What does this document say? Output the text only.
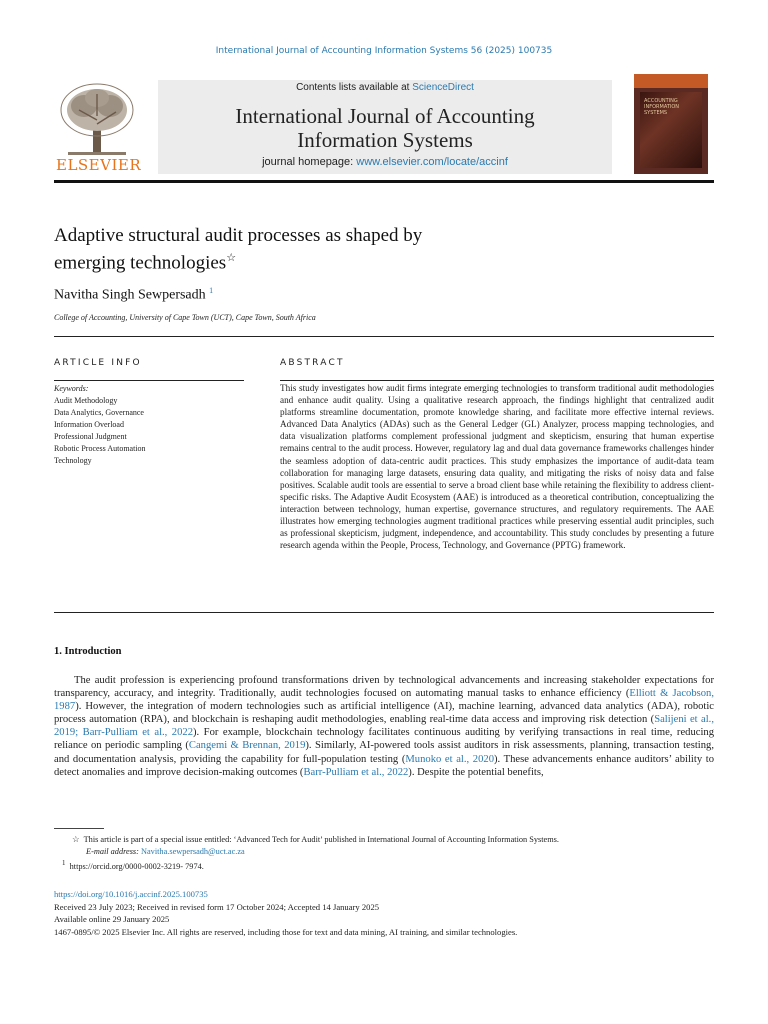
International Journal of Accounting Information Systems 56 (2025) 100735
ELSEVIER
Contents lists available at ScienceDirect
International Journal of Accounting
Information Systems
journal homepage: www.elsevier.com/locate/accinf
ACCOUNTING INFORMATION SYSTEMS
Adaptive structural audit processes as shaped by
emerging technologies☆
Navitha Singh Sewpersadh $^1$
College of Accounting, University of Cape Town (UCT), Cape Town, South Africa
ARTICLE INFO
Keywords:
Audit Methodology
Data Analytics, Governance
Information Overload
Professional Judgment
Robotic Process Automation
Technology
ABSTRACT

This study investigates how audit firms integrate emerging technologies to transform traditional audit methodologies and enhance audit quality. Using a qualitative research approach, the findings highlight that centralized audit platforms streamline documentation, promote knowledge sharing, and facilitate more effective internal reviews. Advanced Data Analytics (ADAs) such as the General Ledger (GL) Analyzer, process mapping technologies, and data visualization platforms complement professional judgment and skepticism, ensuring that human expertise remains central to the audit process. However, regulatory lag and dual data governance frameworks challenges hinder the seamless adoption of data-centric audit practices. This study emphasizes the importance of audit-data team collaboration for managing large datasets, ensuring data quality, and mitigating the risks of noisy data and false positives. Scalable audit tools are essential to serve a broad client base while retaining the flexibility to address client-specific risks. The Adaptive Audit Ecosystem (AAE) is introduced as a theoretical contribution, conceptualizing the interaction between technology, human expertise, governance structures, and regulatory requirements. The AAE illustrates how emerging technologies augment traditional practices while preserving essential audit principles, such as professional skepticism, judgment, independence, and accountability. This study concludes by presenting a future research agenda within the People, Process, Technology, and Governance (PPTG) framework.

1. Introduction

The audit profession is experiencing profound transformations driven by technological advancements and increasing stakeholder expectations for transparency, accuracy, and integrity. Traditionally, audit technologies focused on automating manual tasks to enhance efficiency (Elliott & Jacobson, 1987). However, the integration of modern technologies such as artificial intelligence (AI), machine learning, advanced data analytics (ADA), robotic process automation (RPA), and blockchain is reshaping audit methodologies, enabling real-time data access and improving risk detection (Salijeni et al., 2019; Barr-Pulliam et al., 2022). For example, blockchain technology facilitates continuous auditing by verifying transactions in real time, reducing reliance on periodic sampling (Cangemi & Brennan, 2019). Similarly, AI-powered tools assist auditors in risk assessments, planning, transaction testing, and documentation analysis, providing the capability for full-population testing (Munoko et al., 2020). These advancements enhance auditors’ ability to detect anomalies and improve decision-making outcomes (Barr-Pulliam et al., 2022). Despite the potential benefits,

☆ This article is part of a special issue entitled: ‘Advanced Tech for Audit’ published in International Journal of Accounting Information Systems.
E-mail address: Navitha.sewpersadh@uct.ac.za
$^1$ https://orcid.org/0000-0002-3219- 7974.
https://doi.org/10.1016/j.accinf.2025.100735
Received 23 July 2023; Received in revised form 17 October 2024; Accepted 14 January 2025
Available online 29 January 2025
1467-0895/© 2025 Elsevier Inc. All rights are reserved, including those for text and data mining, AI training, and similar technologies.
